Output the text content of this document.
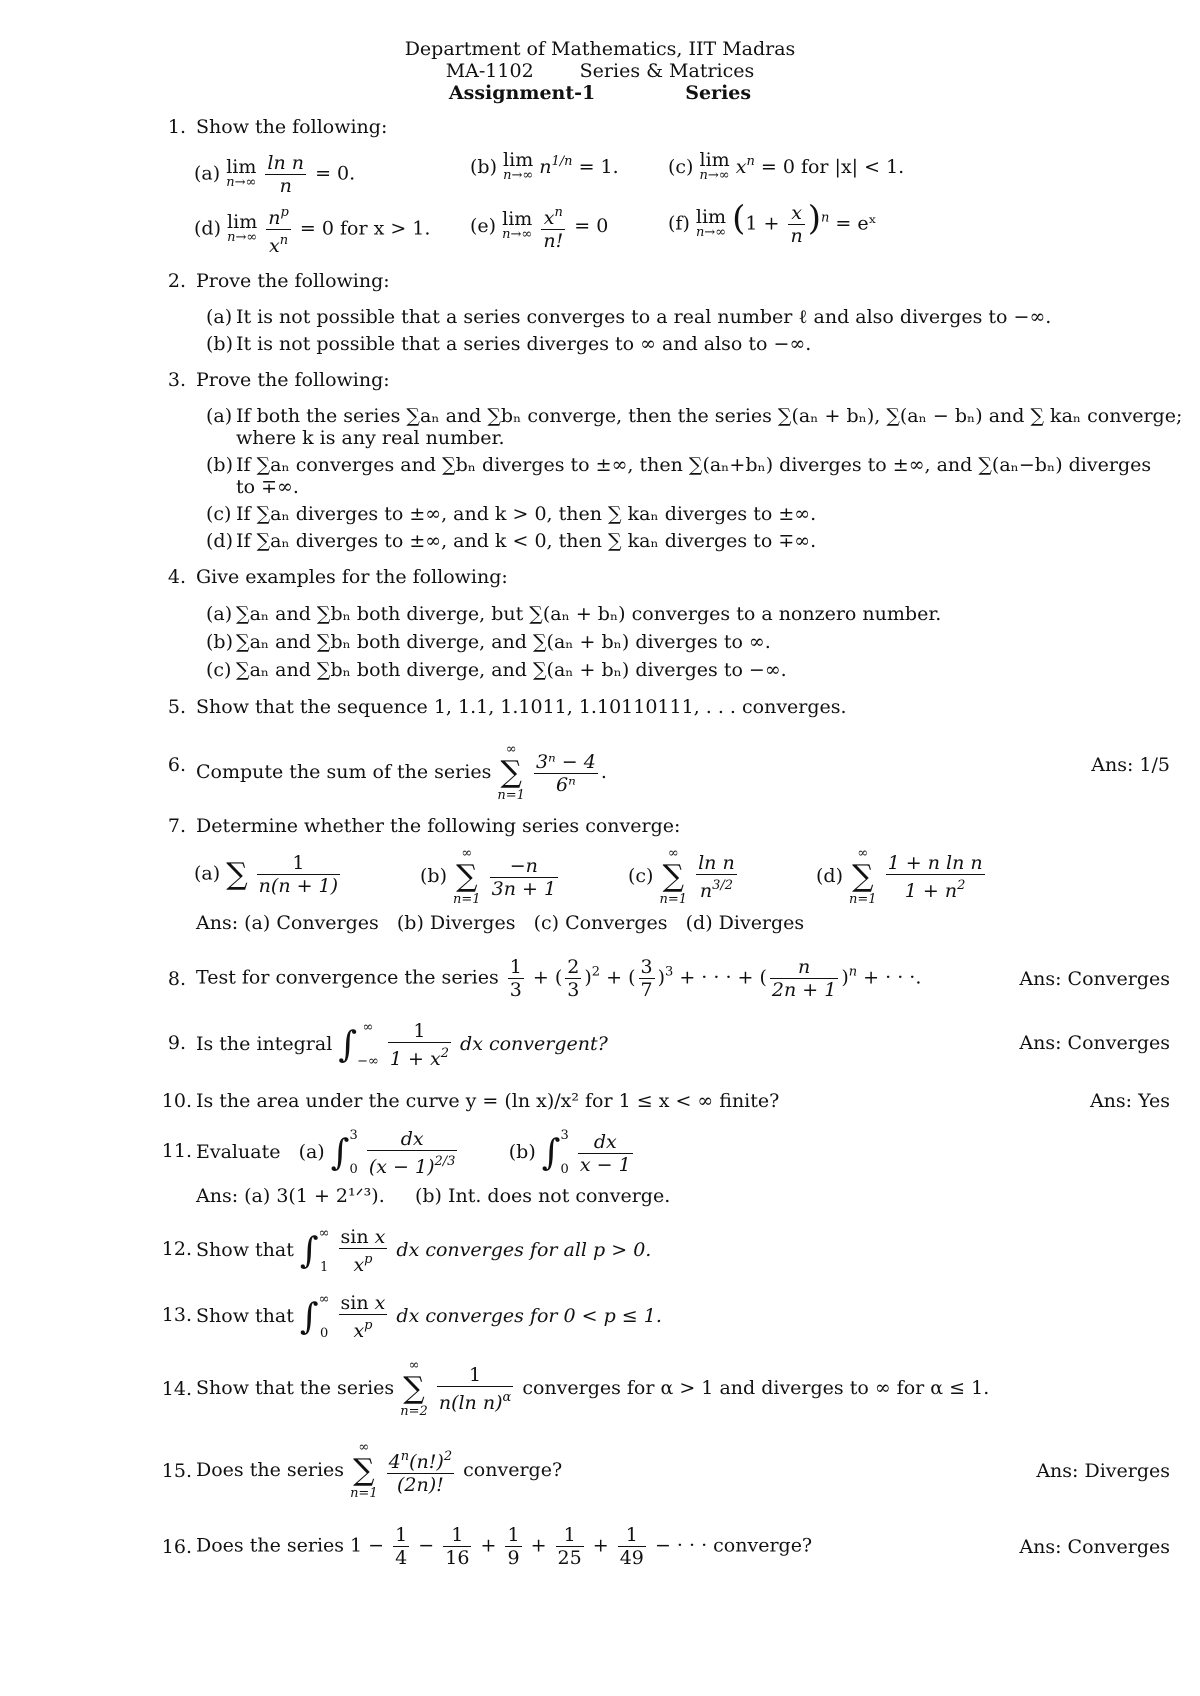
Department of Mathematics, IIT Madras
MA-1102 Series & Matrices
Assignment-1	Series
1. Show the following:
(a) lim
n→∞
$\frac{\text{ln n}}{n} = 0$.	(b) lim
n→∞ $n^{1/n} = 1$.	(c) lim
n→∞ $x^n = 0$ for |x| < 1.
(d) lim
n→∞
$\frac{n^p}{x^n} = 0$ for x > 1. (e) lim
n→∞
$\frac{x^n}{n!} = 0$	(f) lim
n→∞ $(1 + \frac{x}{n} )^n$ = eˣ
2. Prove the following:
(a) It is not possible that a series converges to a real number ℓ and also diverges to −∞.
(b) It is not possible that a series diverges to ∞ and also to −∞.
3. Prove the following:
(a) If both the series ∑aₙ and ∑bₙ converge, then the series ∑(aₙ + bₙ), ∑(aₙ − bₙ) and ∑ kaₙ converge;
where k is any real number.
(b) If ∑aₙ converges and ∑bₙ diverges to ±∞, then ∑(aₙ+bₙ) diverges to ±∞, and ∑(aₙ−bₙ) diverges
to ∓∞.
(c) If ∑aₙ diverges to ±∞, and k > 0, then ∑ kaₙ diverges to ±∞.
(d) If ∑aₙ diverges to ±∞, and k < 0, then ∑ kaₙ diverges to ∓∞.
4. Give examples for the following:
(a) ∑aₙ and ∑bₙ both diverge, but ∑(aₙ + bₙ) converges to a nonzero number.
(b) ∑aₙ and ∑bₙ both diverge, and ∑(aₙ + bₙ) diverges to ∞.
(c) ∑aₙ and ∑bₙ both diverge, and ∑(aₙ + bₙ) diverges to −∞.
5. Show that the sequence 1, 1.1, 1.1011, 1.10110111, . . . converges.
6. Compute the sum of the series
∞
∑
n=1
$\frac{\text{3ⁿ − 4}}{\text{6ⁿ}}$ .	Ans: 1/5
7. Determine whether the following series converge:
(a) ∑
$\frac{1}{n(n + 1)}$	(b)
∞
∑
n=1
$\frac{-n}{3n + 1}$	(c)
∞
∑
n=1
$\frac{\text{ln n}}{n^{3/2}}$	(d)
∞
∑
n=1
$\frac{\text{1 + n ln n}}{1 + n^2}$
Ans: (a) Converges   (b) Diverges   (c) Converges   (d) Diverges
8. Test for convergence the series $\frac{1}{3}$ + ( $\frac{2}{3} )^2$ + ( $\frac{3}{7} )^3$ + · · · + ( $\frac{n}{2n + 1} )^n$ + · · ·.	Ans: Converges
9. Is the integral ∫ ∞
−∞
$\frac{1}{1 + x^2}$ dx convergent?	Ans: Converges
10. Is the area under the curve y = (ln x)/x² for 1 ≤ x < ∞ finite?	Ans: Yes
11. Evaluate   (a) ∫ 3
0
$\frac{dx}{(x - 1)^{2/3}} (b)$ ∫ 3
0
$\frac{dx}{x - 1}$
Ans: (a) 3(1 + 2¹ᐟ³).     (b) Int. does not converge.
12. Show that ∫ ∞
1
$\frac{\text{sin x}}{x^p}$ dx converges for all p > 0.
13. Show that ∫ ∞
0
$\frac{\text{sin x}}{x^p}$ dx converges for 0 < p ≤ 1.
14. Show that the series
∞
∑
n=2
$\frac{1}{n(\ln n)^\alpha}$ converges for α > 1 and diverges to ∞ for α ≤ 1.
15. Does the series
∞
∑
n=1
$\frac{4^n(n!)^2}{(2n)!}$ converge?	Ans: Diverges
16. Does the series $1 - \frac{1}{4} - \frac{1}{16} + \frac{1}{9} + \frac{1}{25} + \frac{1}{49}$ − · · · converge?	Ans: Converges
